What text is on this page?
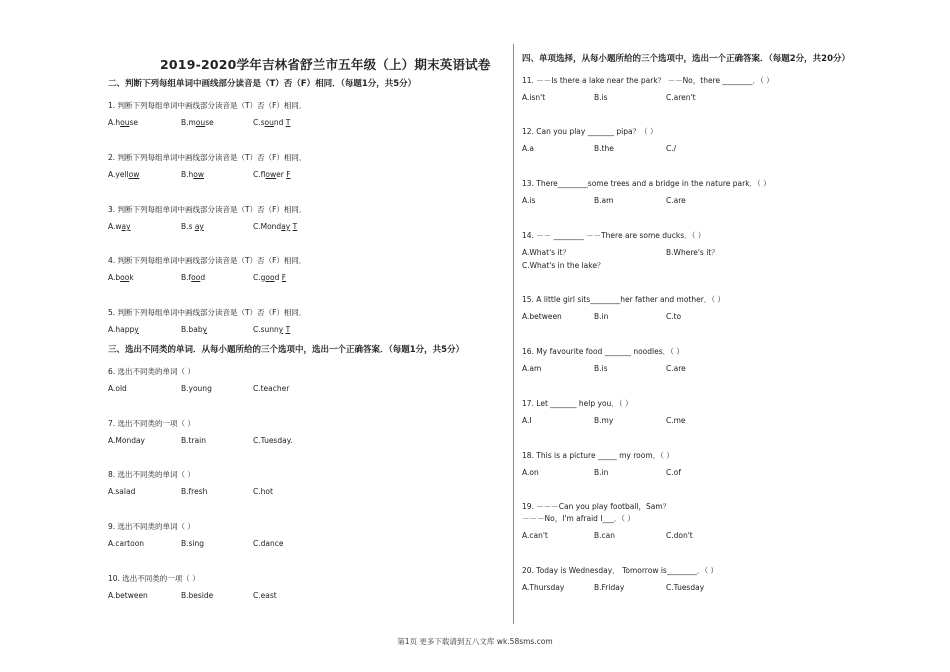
2019-2020学年吉林省舒兰市五年级（上）期末英语试卷
二、判断下列每组单词中画线部分读音是（T）否（F）相同．（每题1分，共5分）
1. 判断下列每组单词中画线部分读音是（T）否（F）相同．
A.house	B.mouse	C.sound T
2. 判断下列每组单词中画线部分读音是（T）否（F）相同．
A.yellow	B.how	C.flower F
3. 判断下列每组单词中画线部分读音是（T）否（F）相同．
A.way	B.s ay	C.Monday T
4. 判断下列每组单词中画线部分读音是（T）否（F）相同．
A.book	B.food	C.good F
5. 判断下列每组单词中画线部分读音是（T）否（F）相同．
A.happy	B.baby	C.sunny T
三、选出不同类的单词．从每小题所给的三个选项中，选出一个正确答案．（每题1分，共5分）
6. 选出不同类的单词（ ）
A.old	B.young	C.teacher
7. 选出不同类的一项（ ）
A.Monday	B.train	C.Tuesday.
8. 选出不同类的单词（ ）
A.salad	B.fresh	C.hot
9. 选出不同类的单词（ ）
A.cartoon	B.sing	C.dance
10. 选出不同类的一项（ ）
A.between	B.beside	C.east
四、单项选择，从每小题所给的三个选项中，选出一个正确答案．（每题2分，共20分）
11. －－Is there a lake near the park？ －－No，there ________．（ ）
A.isn't	B.is	C.aren't
12. Can you play _______ pipa？（ ）
A.a	B.the	C./
13. There________some trees and a bridge in the nature park．（ ）
A.is	B.am	C.are
14. －－ ________ －－There are some ducks．（ ）
A.What's it？	B.Where's it？
C.What's in the lake？
15. A little girl sits________her father and mother．（ ）
A.between	B.in	C.to
16. My favourite food _______ noodles．（ ）
A.am	B.is	C.are
17. Let _______ help you．（ ）
A.I	B.my	C.me
18. This is a picture _____ my room．（ ）
A.on	B.in	C.of
19. －－－Can you play football，Sam？
－－－No，I'm afraid I___．（ ）
A.can't	B.can	C.don't
20. Today is Wednesday． Tomorrow is________．（ ）
A.Thursday	B.Friday	C.Tuesday
第1页 更多下载请到五八文库 wk.58sms.com
